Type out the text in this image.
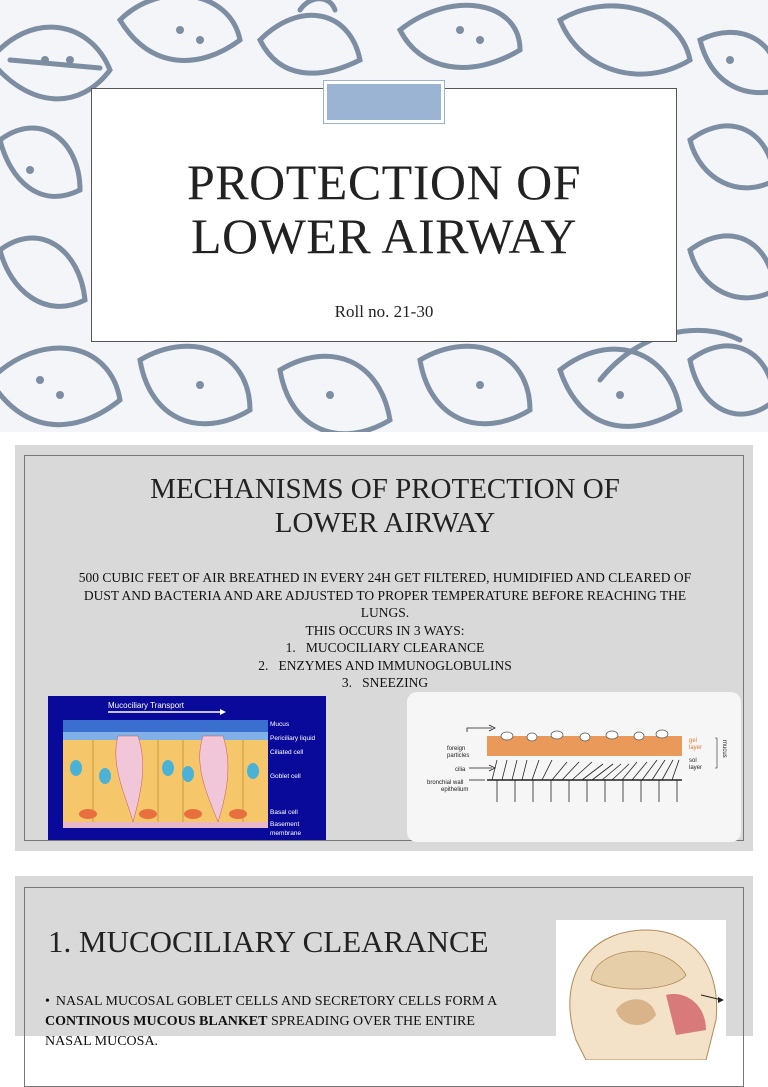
PROTECTION OF
LOWER AIRWAY
Roll no. 21-30
MECHANISMS OF PROTECTION OF
LOWER AIRWAY
500 CUBIC FEET OF AIR BREATHED IN EVERY 24H GET FILTERED, HUMIDIFIED AND CLEARED OF
DUST AND BACTERIA AND ARE ADJUSTED TO PROPER TEMPERATURE BEFORE REACHING THE
LUNGS.
THIS OCCURS IN 3 WAYS:
1. MUCOCILIARY CLEARANCE
2. ENZYMES AND IMMUNOGLOBULINS
3. SNEEZING
Mucociliary Transport
Mucus
Periciliary liquid
Ciliated cell
Goblet cell
Basal cell
Basement
membrane
foreign
particles
cilia
bronchial wall
epithelium
gel
layer
sol
layer
mucus
1. MUCOCILIARY CLEARANCE
• NASAL MUCOSAL GOBLET CELLS AND SECRETORY CELLS FORM A
CONTINOUS MUCOUS BLANKET SPREADING OVER THE ENTIRE
NASAL MUCOSA.
